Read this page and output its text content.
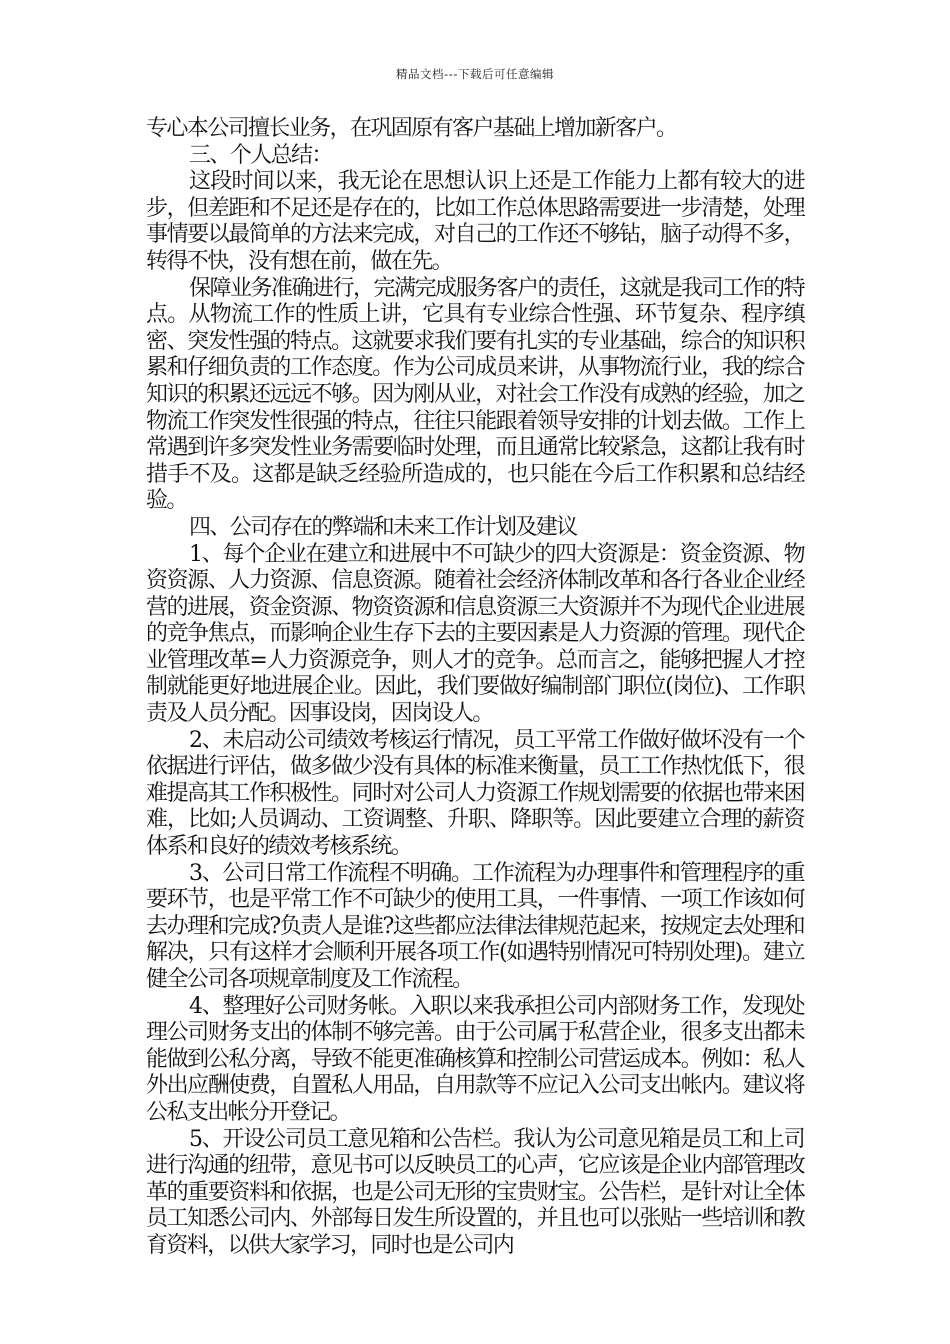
精品文档---下载后可任意编辑

专心本公司擅长业务，在巩固原有客户基础上增加新客户。

三、个人总结：

这段时间以来，我无论在思想认识上还是工作能力上都有较大的进步，但差距和不足还是存在的，比如工作总体思路需要进一步清楚，处理事情要以最简单的方法来完成，对自己的工作还不够钻，脑子动得不多，转得不快，没有想在前，做在先。

保障业务准确进行，完满完成服务客户的责任，这就是我司工作的特点。从物流工作的性质上讲，它具有专业综合性强、环节复杂、程序缜密、突发性强的特点。这就要求我们要有扎实的专业基础，综合的知识积累和仔细负责的工作态度。作为公司成员来讲，从事物流行业，我的综合知识的积累还远远不够。因为刚从业，对社会工作没有成熟的经验，加之物流工作突发性很强的特点，往往只能跟着领导安排的计划去做。工作上常遇到许多突发性业务需要临时处理，而且通常比较紧急，这都让我有时措手不及。这都是缺乏经验所造成的，也只能在今后工作积累和总结经验。

四、公司存在的弊端和未来工作计划及建议

1、每个企业在建立和进展中不可缺少的四大资源是：资金资源、物资资源、人力资源、信息资源。随着社会经济体制改革和各行各业企业经营的进展，资金资源、物资资源和信息资源三大资源并不为现代企业进展的竞争焦点，而影响企业生存下去的主要因素是人力资源的管理。现代企业管理改革=人力资源竞争，则人才的竞争。总而言之，能够把握人才控制就能更好地进展企业。因此，我们要做好编制部门职位(岗位)、工作职责及人员分配。因事设岗，因岗设人。

2、未启动公司绩效考核运行情况，员工平常工作做好做坏没有一个依据进行评估，做多做少没有具体的标准来衡量，员工工作热忱低下，很难提高其工作积极性。同时对公司人力资源工作规划需要的依据也带来困难，比如;人员调动、工资调整、升职、降职等。因此要建立合理的薪资体系和良好的绩效考核系统。

3、公司日常工作流程不明确。工作流程为办理事件和管理程序的重要环节，也是平常工作不可缺少的使用工具，一件事情、一项工作该如何去办理和完成?负责人是谁?这些都应法律法律规范起来，按规定去处理和解决，只有这样才会顺利开展各项工作(如遇特别情况可特别处理)。建立健全公司各项规章制度及工作流程。

4、整理好公司财务帐。入职以来我承担公司内部财务工作，发现处理公司财务支出的体制不够完善。由于公司属于私营企业，很多支出都未能做到公私分离，导致不能更准确核算和控制公司营运成本。例如：私人外出应酬使费，自置私人用品，自用款等不应记入公司支出帐内。建议将公私支出帐分开登记。

5、开设公司员工意见箱和公告栏。我认为公司意见箱是员工和上司进行沟通的纽带，意见书可以反映员工的心声，它应该是企业内部管理改革的重要资料和依据，也是公司无形的宝贵财宝。公告栏，是针对让全体员工知悉公司内、外部每日发生所设置的，并且也可以张贴一些培训和教育资料，以供大家学习，同时也是公司内
